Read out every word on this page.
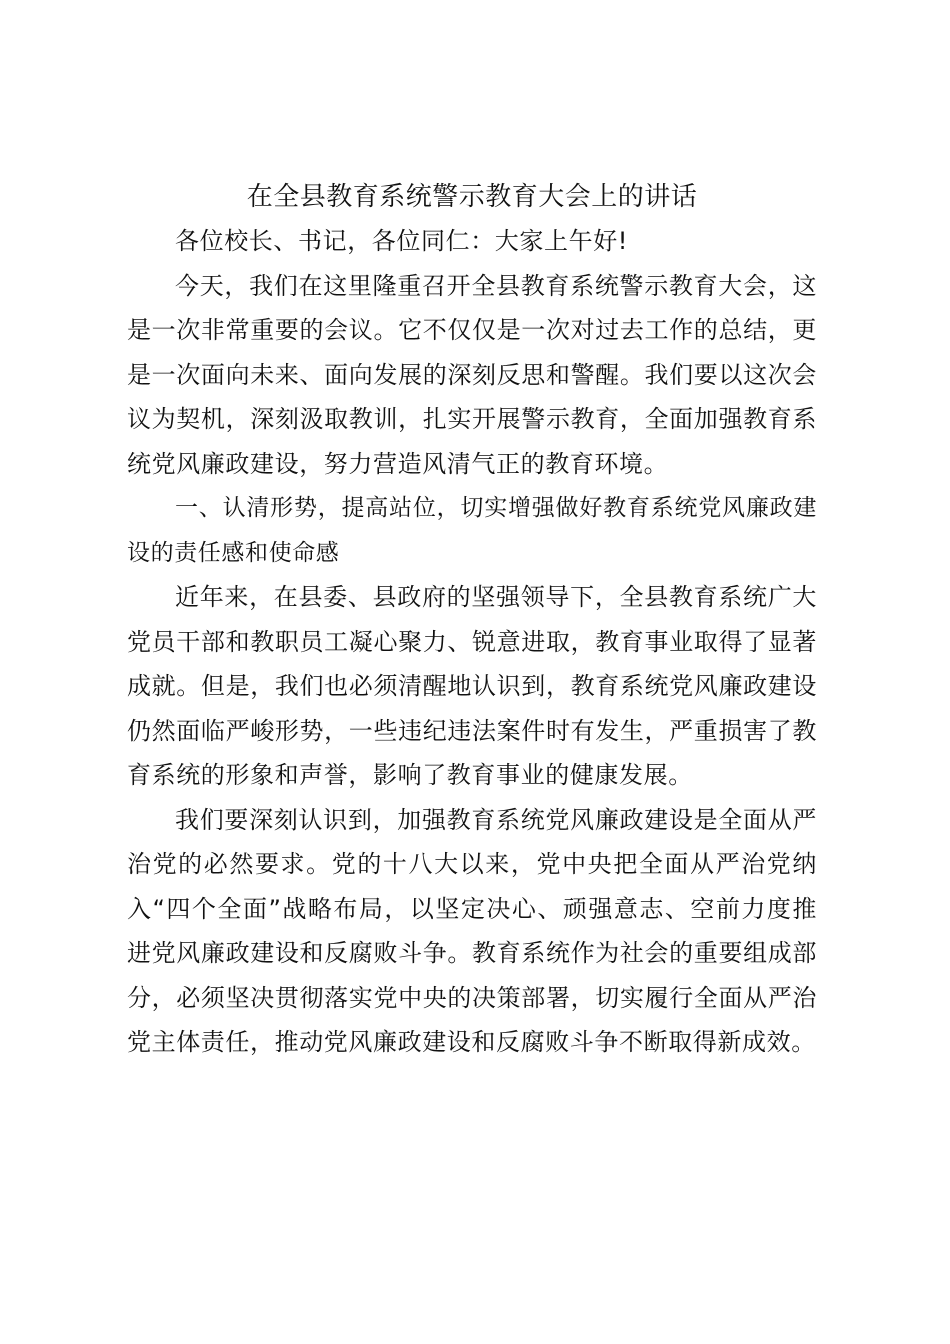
在全县教育系统警示教育大会上的讲话

各位校长、书记，各位同仁：大家上午好!

今天，我们在这里隆重召开全县教育系统警示教育大会，这是一次非常重要的会议。它不仅仅是一次对过去工作的总结，更是一次面向未来、面向发展的深刻反思和警醒。我们要以这次会议为契机，深刻汲取教训，扎实开展警示教育，全面加强教育系统党风廉政建设，努力营造风清气正的教育环境。

一、认清形势，提高站位，切实增强做好教育系统党风廉政建设的责任感和使命感

近年来，在县委、县政府的坚强领导下，全县教育系统广大党员干部和教职员工凝心聚力、锐意进取，教育事业取得了显著成就。但是，我们也必须清醒地认识到，教育系统党风廉政建设仍然面临严峻形势，一些违纪违法案件时有发生，严重损害了教育系统的形象和声誉，影响了教育事业的健康发展。

我们要深刻认识到，加强教育系统党风廉政建设是全面从严治党的必然要求。党的十八大以来，党中央把全面从严治党纳入“四个全面”战略布局，以坚定决心、顽强意志、空前力度推进党风廉政建设和反腐败斗争。教育系统作为社会的重要组成部分，必须坚决贯彻落实党中央的决策部署，切实履行全面从严治党主体责任，推动党风廉政建设和反腐败斗争不断取得新成效。
